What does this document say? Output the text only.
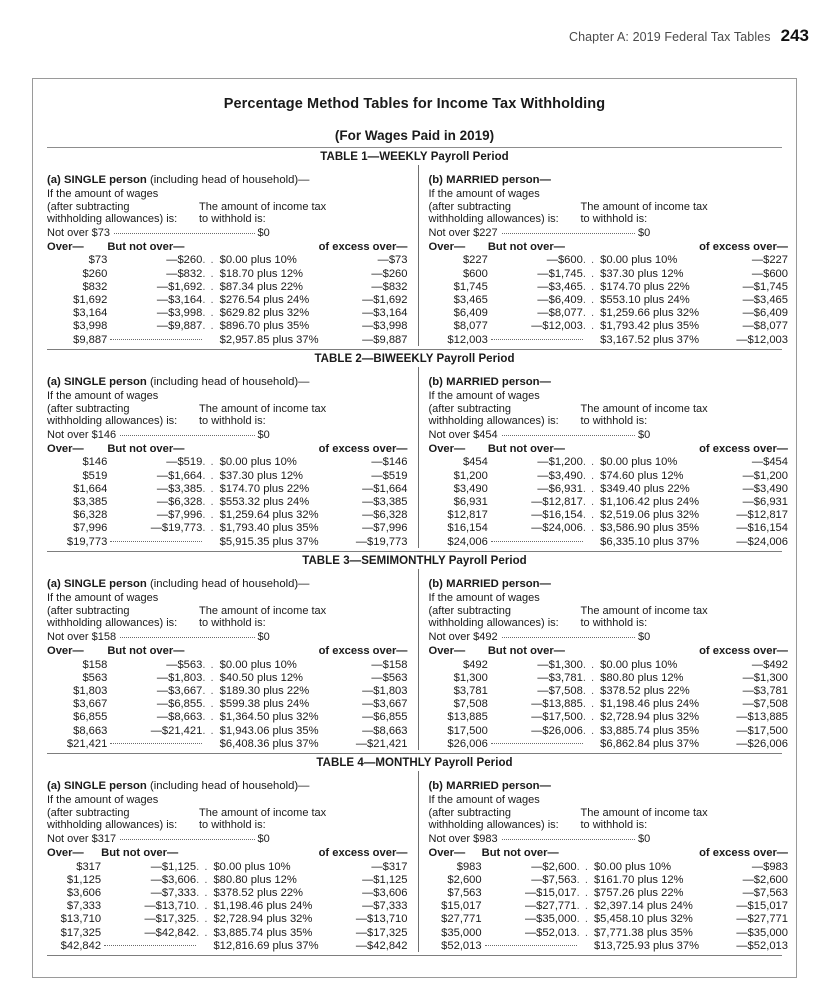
Chapter A: 2019 Federal Tax Tables 243
Percentage Method Tables for Income Tax Withholding
(For Wages Paid in 2019)
TABLE 1—WEEKLY Payroll Period
(a) SINGLE person (including head of household)—
If the amount of wages
(after subtracting
withholding allowances) is:
The amount of income tax
to withhold is:
Not over $73	$0
Over—	But not over—			of excess over—
$73	—$260	. .	$0.00 plus 10%	—$73
$260	—$832	. .	$18.70 plus 12%	—$260
$832	—$1,692	. .	$87.34 plus 22%	—$832
$1,692	—$3,164	. .	$276.54 plus 24%	—$1,692
$3,164	—$3,998	. .	$629.82 plus 32%	—$3,164
$3,998	—$9,887	. .	$896.70 plus 35%	—$3,998
$9,887			$2,957.85 plus 37%	—$9,887
(b) MARRIED person—
If the amount of wages
(after subtracting
withholding allowances) is:
The amount of income tax
to withhold is:
Not over $227	$0
Over—	But not over—			of excess over—
$227	—$600	. .	$0.00 plus 10%	—$227
$600	—$1,745	. .	$37.30 plus 12%	—$600
$1,745	—$3,465	. .	$174.70 plus 22%	—$1,745
$3,465	—$6,409	. .	$553.10 plus 24%	—$3,465
$6,409	—$8,077	. .	$1,259.66 plus 32%	—$6,409
$8,077	—$12,003	. .	$1,793.42 plus 35%	—$8,077
$12,003			$3,167.52 plus 37%	—$12,003
TABLE 2—BIWEEKLY Payroll Period
(a) SINGLE person (including head of household)—
If the amount of wages
(after subtracting
withholding allowances) is:
The amount of income tax
to withhold is:
Not over $146	$0
Over—	But not over—			of excess over—
$146	—$519	. .	$0.00 plus 10%	—$146
$519	—$1,664	. .	$37.30 plus 12%	—$519
$1,664	—$3,385	. .	$174.70 plus 22%	—$1,664
$3,385	—$6,328	. .	$553.32 plus 24%	—$3,385
$6,328	—$7,996	. .	$1,259.64 plus 32%	—$6,328
$7,996	—$19,773	. .	$1,793.40 plus 35%	—$7,996
$19,773			$5,915.35 plus 37%	—$19,773
(b) MARRIED person—
If the amount of wages
(after subtracting
withholding allowances) is:
The amount of income tax
to withhold is:
Not over $454	$0
Over—	But not over—			of excess over—
$454	—$1,200	. .	$0.00 plus 10%	—$454
$1,200	—$3,490	. .	$74.60 plus 12%	—$1,200
$3,490	—$6,931	. .	$349.40 plus 22%	—$3,490
$6,931	—$12,817	. .	$1,106.42 plus 24%	—$6,931
$12,817	—$16,154	. .	$2,519.06 plus 32%	—$12,817
$16,154	—$24,006	. .	$3,586.90 plus 35%	—$16,154
$24,006			$6,335.10 plus 37%	—$24,006
TABLE 3—SEMIMONTHLY Payroll Period
(a) SINGLE person (including head of household)—
If the amount of wages
(after subtracting
withholding allowances) is:
The amount of income tax
to withhold is:
Not over $158	$0
Over—	But not over—			of excess over—
$158	—$563	. .	$0.00 plus 10%	—$158
$563	—$1,803	. .	$40.50 plus 12%	—$563
$1,803	—$3,667	. .	$189.30 plus 22%	—$1,803
$3,667	—$6,855	. .	$599.38 plus 24%	—$3,667
$6,855	—$8,663	. .	$1,364.50 plus 32%	—$6,855
$8,663	—$21,421	. .	$1,943.06 plus 35%	—$8,663
$21,421			$6,408.36 plus 37%	—$21,421
(b) MARRIED person—
If the amount of wages
(after subtracting
withholding allowances) is:
The amount of income tax
to withhold is:
Not over $492	$0
Over—	But not over—			of excess over—
$492	—$1,300	. .	$0.00 plus 10%	—$492
$1,300	—$3,781	. .	$80.80 plus 12%	—$1,300
$3,781	—$7,508	. .	$378.52 plus 22%	—$3,781
$7,508	—$13,885	. .	$1,198.46 plus 24%	—$7,508
$13,885	—$17,500	. .	$2,728.94 plus 32%	—$13,885
$17,500	—$26,006	. .	$3,885.74 plus 35%	—$17,500
$26,006			$6,862.84 plus 37%	—$26,006
TABLE 4—MONTHLY Payroll Period
(a) SINGLE person (including head of household)—
If the amount of wages
(after subtracting
withholding allowances) is:
The amount of income tax
to withhold is:
Not over $317	$0
Over—	But not over—			of excess over—
$317	—$1,125	. .	$0.00 plus 10%	—$317
$1,125	—$3,606	. .	$80.80 plus 12%	—$1,125
$3,606	—$7,333	. .	$378.52 plus 22%	—$3,606
$7,333	—$13,710	. .	$1,198.46 plus 24%	—$7,333
$13,710	—$17,325	. .	$2,728.94 plus 32%	—$13,710
$17,325	—$42,842	. .	$3,885.74 plus 35%	—$17,325
$42,842			$12,816.69 plus 37%	—$42,842
(b) MARRIED person—
If the amount of wages
(after subtracting
withholding allowances) is:
The amount of income tax
to withhold is:
Not over $983	$0
Over—	But not over—			of excess over—
$983	—$2,600	. .	$0.00 plus 10%	—$983
$2,600	—$7,563	. .	$161.70 plus 12%	—$2,600
$7,563	—$15,017	. .	$757.26 plus 22%	—$7,563
$15,017	—$27,771	. .	$2,397.14 plus 24%	—$15,017
$27,771	—$35,000	. .	$5,458.10 plus 32%	—$27,771
$35,000	—$52,013	. .	$7,771.38 plus 35%	—$35,000
$52,013			$13,725.93 plus 37%	—$52,013
